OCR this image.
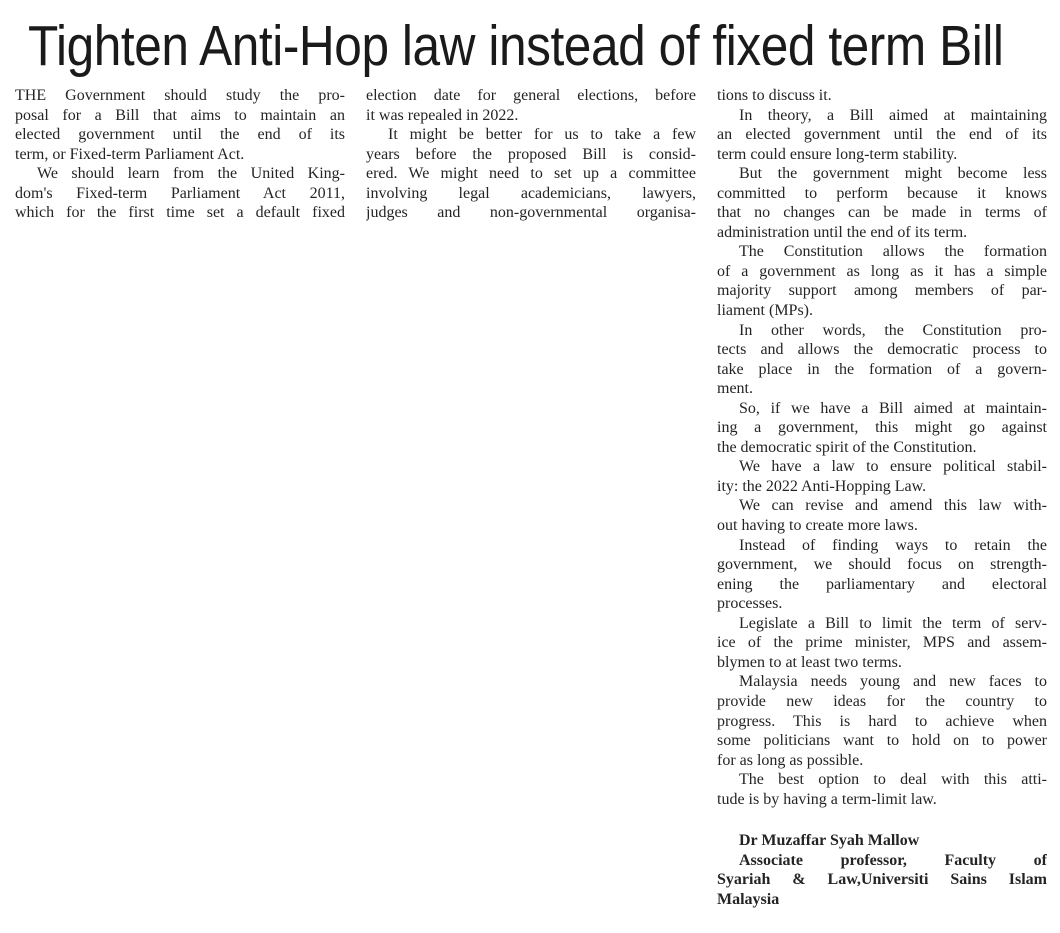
Tighten Anti-Hop law instead of fixed term Bill
THE Government should study the pro-
posal for a Bill that aims to maintain an
elected government until the end of its
term, or Fixed-term Parliament Act.
We should learn from the United King-
dom's Fixed-term Parliament Act 2011,
which for the first time set a default fixed
election date for general elections, before
it was repealed in 2022.
It might be better for us to take a few
years before the proposed Bill is consid-
ered. We might need to set up a committee
involving legal academicians, lawyers,
judges and non-governmental organisa-
tions to discuss it.
In theory, a Bill aimed at maintaining
an elected government until the end of its
term could ensure long-term stability.
But the government might become less
committed to perform because it knows
that no changes can be made in terms of
administration until the end of its term.
The Constitution allows the formation
of a government as long as it has a simple
majority support among members of par-
liament (MPs).
In other words, the Constitution pro-
tects and allows the democratic process to
take place in the formation of a govern-
ment.
So, if we have a Bill aimed at maintain-
ing a government, this might go against
the democratic spirit of the Constitution.
We have a law to ensure political stabil-
ity: the 2022 Anti-Hopping Law.
We can revise and amend this law with-
out having to create more laws.
Instead of finding ways to retain the
government, we should focus on strength-
ening the parliamentary and electoral
processes.
Legislate a Bill to limit the term of serv-
ice of the prime minister, MPS and assem-
blymen to at least two terms.
Malaysia needs young and new faces to
provide new ideas for the country to
progress. This is hard to achieve when
some politicians want to hold on to power
for as long as possible.
The best option to deal with this atti-
tude is by having a term-limit law.
Dr Muzaffar Syah Mallow
Associate professor, Faculty of
Syariah & Law,Universiti Sains Islam
Malaysia
